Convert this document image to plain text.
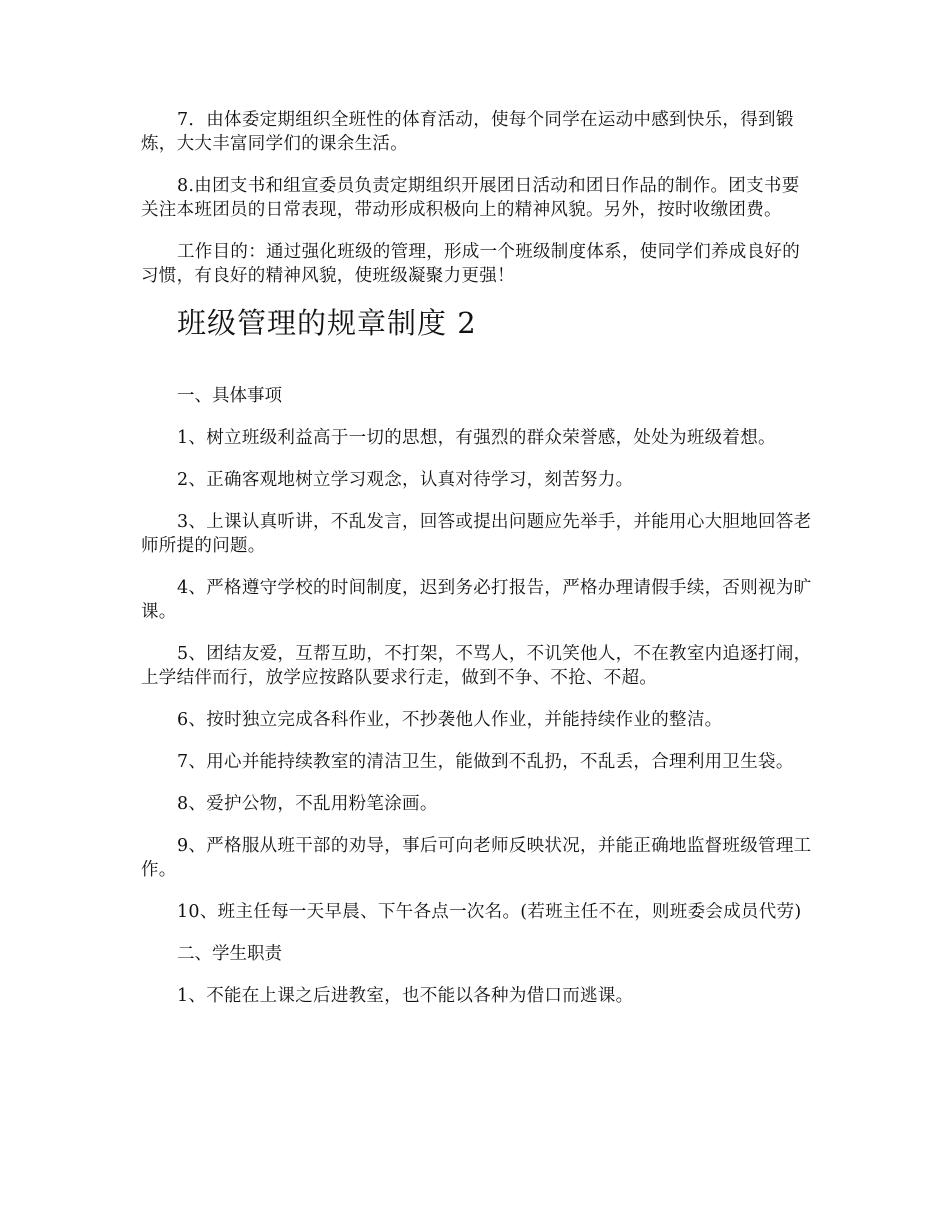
7．由体委定期组织全班性的体育活动，使每个同学在运动中感到快乐，得到锻炼，大大丰富同学们的课余生活。

8.由团支书和组宣委员负责定期组织开展团日活动和团日作品的制作。团支书要关注本班团员的日常表现，带动形成积极向上的精神风貌。另外，按时收缴团费。

工作目的：通过强化班级的管理，形成一个班级制度体系，使同学们养成良好的习惯，有良好的精神风貌，使班级凝聚力更强！

班级管理的规章制度 2

一、具体事项

1、树立班级利益高于一切的思想，有强烈的群众荣誉感，处处为班级着想。

2、正确客观地树立学习观念，认真对待学习，刻苦努力。

3、上课认真听讲，不乱发言，回答或提出问题应先举手，并能用心大胆地回答老师所提的问题。

4、严格遵守学校的时间制度，迟到务必打报告，严格办理请假手续，否则视为旷课。

5、团结友爱，互帮互助，不打架，不骂人，不讥笑他人，不在教室内追逐打闹，上学结伴而行，放学应按路队要求行走，做到不争、不抢、不超。

6、按时独立完成各科作业，不抄袭他人作业，并能持续作业的整洁。

7、用心并能持续教室的清洁卫生，能做到不乱扔，不乱丢，合理利用卫生袋。

8、爱护公物，不乱用粉笔涂画。

9、严格服从班干部的劝导，事后可向老师反映状况，并能正确地监督班级管理工作。

10、班主任每一天早晨、下午各点一次名。(若班主任不在，则班委会成员代劳)

二、学生职责

1、不能在上课之后进教室，也不能以各种为借口而逃课。
